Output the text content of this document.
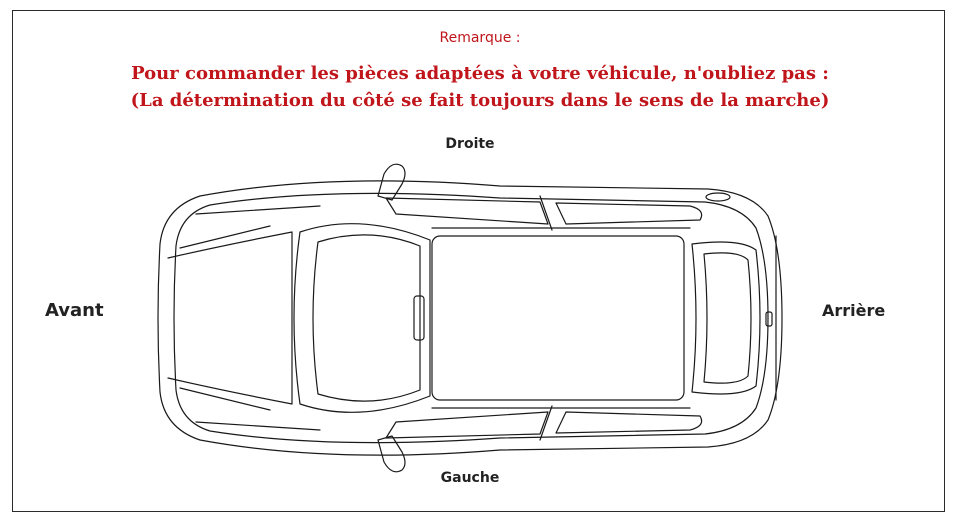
Remarque :
Pour commander les pièces adaptées à votre véhicule, n'oubliez pas :
(La détermination du côté se fait toujours dans le sens de la marche)
Droite
Gauche
Avant	Arrière
